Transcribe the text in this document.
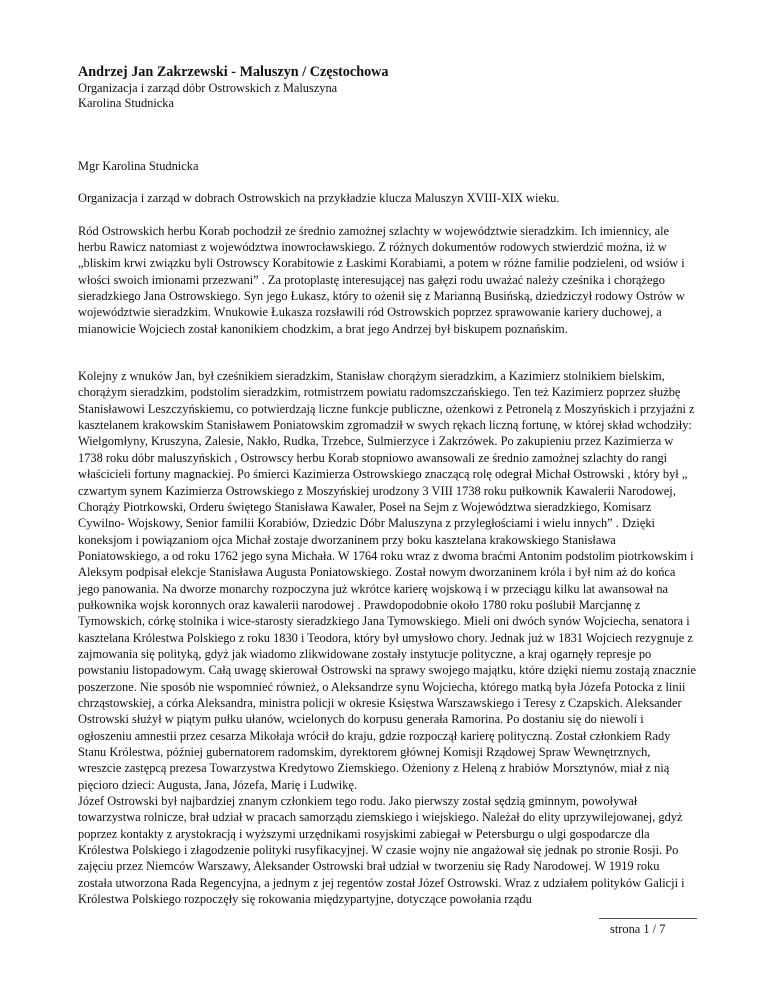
Andrzej Jan Zakrzewski - Maluszyn / Częstochowa

Organizacja i zarząd dóbr Ostrowskich z Maluszyna

Karolina Studnicka

Mgr Karolina Studnicka

Organizacja i zarząd w dobrach Ostrowskich na przykładzie klucza Maluszyn XVIII-XIX wieku.

Ród Ostrowskich herbu Korab pochodził ze średnio zamożnej szlachty w województwie sieradzkim. Ich imiennicy, ale herbu Rawicz natomiast z województwa inowrocławskiego. Z różnych dokumentów rodowych stwierdzić można, iż w „bliskim krwi związku byli Ostrowscy Korabitowie z Łaskimi Korabiami, a potem w różne familie podzieleni, od wsiów i włości swoich imionami przezwani” . Za protoplastę interesującej nas gałęzi rodu uważać należy cześnika i chorążego sieradzkiego Jana Ostrowskiego. Syn jego Łukasz, który to ożenił się z Marianną Busińską, dziedziczył rodowy Ostrów w województwie sieradzkim. Wnukowie Łukasza rozsławili ród Ostrowskich poprzez sprawowanie kariery duchowej, a mianowicie Wojciech został kanonikiem chodzkim, a brat jego Andrzej był biskupem poznańskim.

Kolejny z wnuków Jan, był cześnikiem sieradzkim, Stanisław chorążym sieradzkim, a Kazimierz stolnikiem bielskim, chorążym sieradzkim, podstolim sieradzkim, rotmistrzem powiatu radomszczańskiego. Ten też Kazimierz poprzez służbę Stanisławowi Leszczyńskiemu, co potwierdzają liczne funkcje publiczne, ożenkowi z Petronelą z Moszyńskich i przyjaźni z kasztelanem krakowskim Stanisławem Poniatowskim zgromadził w swych rękach liczną fortunę, w której skład wchodziły: Wielgomłyny, Kruszyna, Zalesie, Nakło, Rudka, Trzebce, Sulmierzyce i Zakrzówek. Po zakupieniu przez Kazimierza w 1738 roku dóbr maluszyńskich , Ostrowscy herbu Korab stopniowo awansowali ze średnio zamożnej szlachty do rangi właścicieli fortuny magnackiej. Po śmierci Kazimierza Ostrowskiego znaczącą rolę odegrał Michał Ostrowski , który był „ czwartym synem Kazimierza Ostrowskiego z Moszyńskiej urodzony 3 VIII 1738 roku pułkownik Kawalerii Narodowej, Chorąży Piotrkowski, Orderu świętego Stanisława Kawaler, Poseł na Sejm z Województwa sieradzkiego, Komisarz Cywilno- Wojskowy, Senior familii Korabiów, Dziedzic Dóbr Maluszyna z przyległościami i wielu innych” . Dzięki koneksjom i powiązaniom ojca Michał zostaje dworzaninem przy boku kasztelana krakowskiego Stanisława Poniatowskiego, a od roku 1762 jego syna Michała. W 1764 roku wraz z dwoma braćmi Antonim podstolim piotrkowskim i Aleksym podpisał elekcje Stanisława Augusta Poniatowskiego. Został nowym dworzaninem króla i był nim aż do końca jego panowania. Na dworze monarchy rozpoczyna już wkrótce karierę wojskową i w przeciągu kilku lat awansował na pułkownika wojsk koronnych oraz kawalerii narodowej . Prawdopodobnie około 1780 roku poślubił Marcjannę z Tymowskich, córkę stolnika i wice-starosty sieradzkiego Jana Tymowskiego. Mieli oni dwóch synów Wojciecha, senatora i kasztelana Królestwa Polskiego z roku 1830 i Teodora, który był umysłowo chory. Jednak już w 1831 Wojciech rezygnuje z zajmowania się polityką, gdyż jak wiadomo zlikwidowane zostały instytucje polityczne, a kraj ogarnęły represje po powstaniu listopadowym. Całą uwagę skierował Ostrowski na sprawy swojego majątku, które dzięki niemu zostają znacznie poszerzone. Nie sposób nie wspomnieć również, o Aleksandrze synu Wojciecha, którego matką była Józefa Potocka z linii chrząstowskiej, a córka Aleksandra, ministra policji w okresie Księstwa Warszawskiego i Teresy z Czapskich. Aleksander Ostrowski służył w piątym pułku ułanów, wcielonych do korpusu generała Ramorina. Po dostaniu się do niewoli i ogłoszeniu amnestii przez cesarza Mikołaja wrócił do kraju, gdzie rozpoczął karierę polityczną. Został członkiem Rady Stanu Królestwa, później gubernatorem radomskim, dyrektorem głównej Komisji Rządowej Spraw Wewnętrznych, wreszcie zastępcą prezesa Towarzystwa Kredytowo Ziemskiego. Ożeniony z Heleną z hrabiów Morsztynów, miał z nią pięcioro dzieci: Augusta, Jana, Józefa, Marię i Ludwikę.

Józef Ostrowski był najbardziej znanym członkiem tego rodu. Jako pierwszy został sędzią gminnym, powoływał towarzystwa rolnicze, brał udział w pracach samorządu ziemskiego i wiejskiego. Należał do elity uprzywilejowanej, gdyż poprzez kontakty z arystokracją i wyższymi urzędnikami rosyjskimi zabiegał w Petersburgu o ulgi gospodarcze dla Królestwa Polskiego i złagodzenie polityki rusyfikacyjnej. W czasie wojny nie angażował się jednak po stronie Rosji. Po zajęciu przez Niemców Warszawy, Aleksander Ostrowski brał udział w tworzeniu się Rady Narodowej. W 1919 roku została utworzona Rada Regencyjna, a jednym z jej regentów został Józef Ostrowski. Wraz z udziałem polityków Galicji i Królestwa Polskiego rozpoczęły się rokowania międzypartyjne, dotyczące powołania rządu

strona 1 / 7
